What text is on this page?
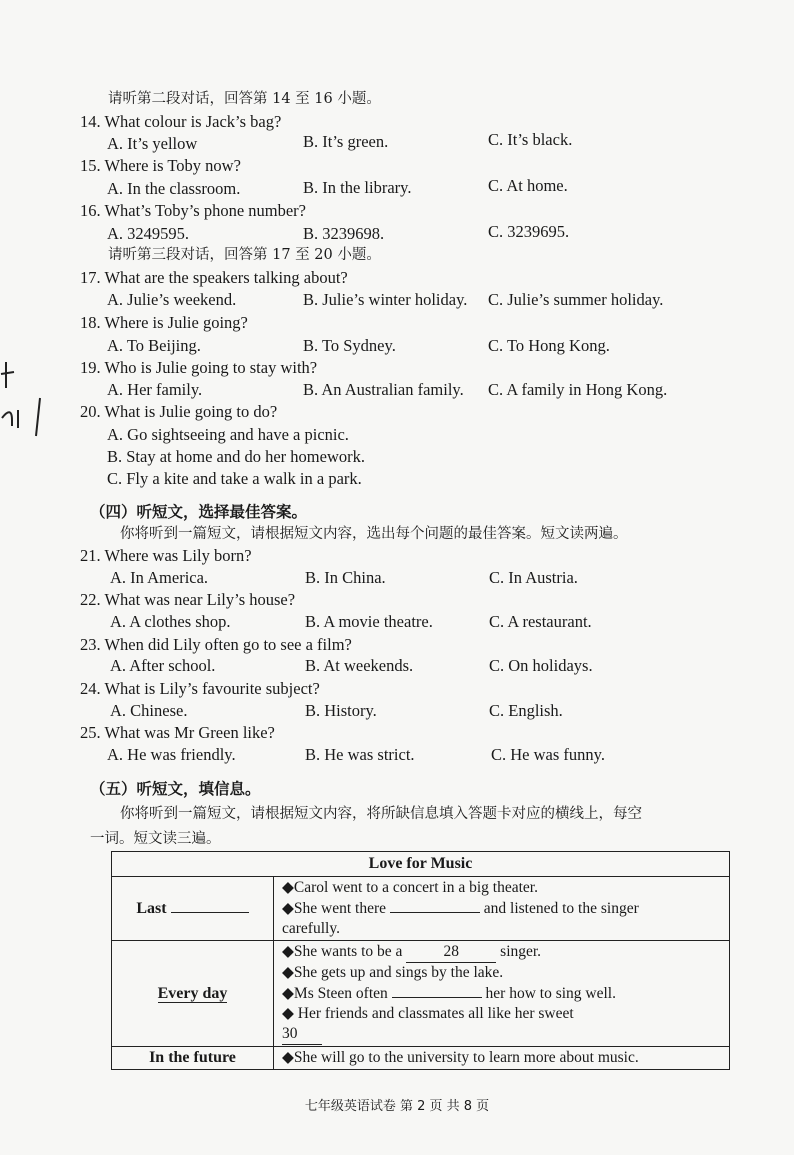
请听第二段对话，回答第 14 至 16 小题。
14. What colour is Jack’s bag?
A. It’s yellow	B. It’s green.	C. It’s black.
15. Where is Toby now?
A. In the classroom.	B. In the library.	C. At home.
16. What’s Toby’s phone number?
A. 3249595.	B. 3239698.	C. 3239695.
请听第三段对话，回答第 17 至 20 小题。
17. What are the speakers talking about?
A. Julie’s weekend.	B. Julie’s winter holiday. C. Julie’s summer holiday.
18. Where is Julie going?
A. To Beijing.	B. To Sydney.	C. To Hong Kong.
19. Who is Julie going to stay with?
A. Her family.	B. An Australian family. C. A family in Hong Kong.
20. What is Julie going to do?
A. Go sightseeing and have a picnic.
B. Stay at home and do her homework.
C. Fly a kite and take a walk in a park.
（四）听短文，选择最佳答案。
你将听到一篇短文，请根据短文内容，选出每个问题的最佳答案。短文读两遍。
21. Where was Lily born?
A. In America.	B. In China.	C. In Austria.
22. What was near Lily’s house?
A. A clothes shop.	B. A movie theatre.	C. A restaurant.
23. When did Lily often go to see a film?
A. After school.	B. At weekends.	C. On holidays.
24. What is Lily’s favourite subject?
A. Chinese.	B. History.	C. English.
25. What was Mr Green like?
A. He was friendly.	B. He was strict.	C. He was funny.
（五）听短文，填信息。
你将听到一篇短文，请根据短文内容，将所缺信息填入答题卡对应的横线上，每空
一词。短文读三遍。
Love for Music	
Last	◆Carol went to a concert in a big theater.
◆She went there and listened to the singer
carefully.

Every day	◆She wants to be a 28 singer.
◆She gets up and sings by the lake.
◆Ms Steen often her how to sing well.
◆ Her friends and classmates all like her sweet
30

In the future	◆She will go to the university to learn more about music.
七年级英语试卷 第 2 页 共 8 页
